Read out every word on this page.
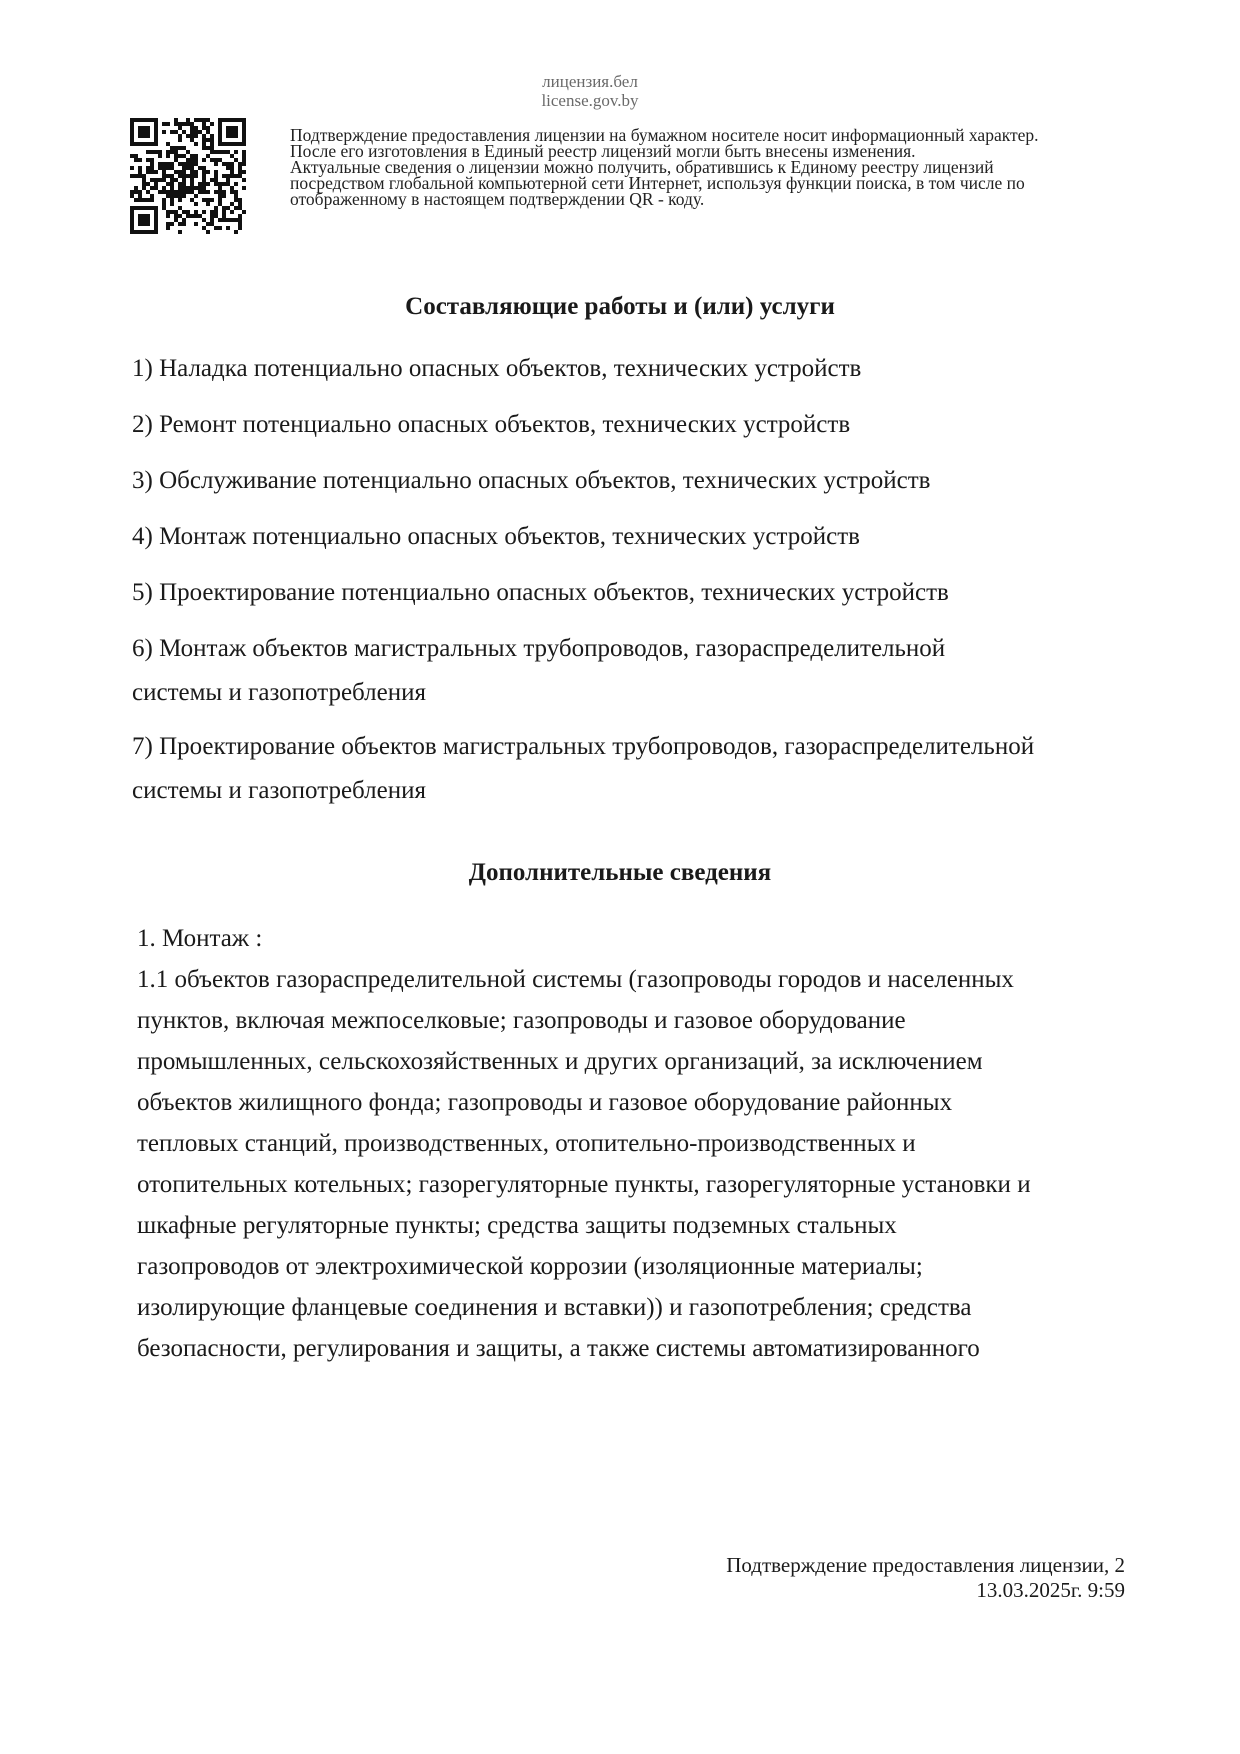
лицензия.бел
license.gov.by
Подтверждение предоставления лицензии на бумажном носителе носит информационный характер.
После его изготовления в Единый реестр лицензий могли быть внесены изменения.
Актуальные сведения о лицензии можно получить, обратившись к Единому реестру лицензий
посредством глобальной компьютерной сети Интернет, используя функции поиска, в том числе по
отображенному в настоящем подтверждении QR - коду.
Составляющие работы и (или) услуги
1) Наладка потенциально опасных объектов, технических устройств
2) Ремонт потенциально опасных объектов, технических устройств
3) Обслуживание потенциально опасных объектов, технических устройств
4) Монтаж потенциально опасных объектов, технических устройств
5) Проектирование потенциально опасных объектов, технических устройств
6) Монтаж объектов магистральных трубопроводов, газораспределительной
системы и газопотребления
7) Проектирование объектов магистральных трубопроводов, газораспределительной
системы и газопотребления
Дополнительные сведения
1. Монтаж :
1.1 объектов газораспределительной системы (газопроводы городов и населенных
пунктов, включая межпоселковые; газопроводы и газовое оборудование
промышленных, сельскохозяйственных и других организаций, за исключением
объектов жилищного фонда; газопроводы и газовое оборудование районных
тепловых станций, производственных, отопительно-производственных и
отопительных котельных; газорегуляторные пункты, газорегуляторные установки и
шкафные регуляторные пункты; средства защиты подземных стальных
газопроводов от электрохимической коррозии (изоляционные материалы;
изолирующие фланцевые соединения и вставки)) и газопотребления; средства
безопасности, регулирования и защиты, а также системы автоматизированного
Подтверждение предоставления лицензии, 2
13.03.2025г. 9:59
